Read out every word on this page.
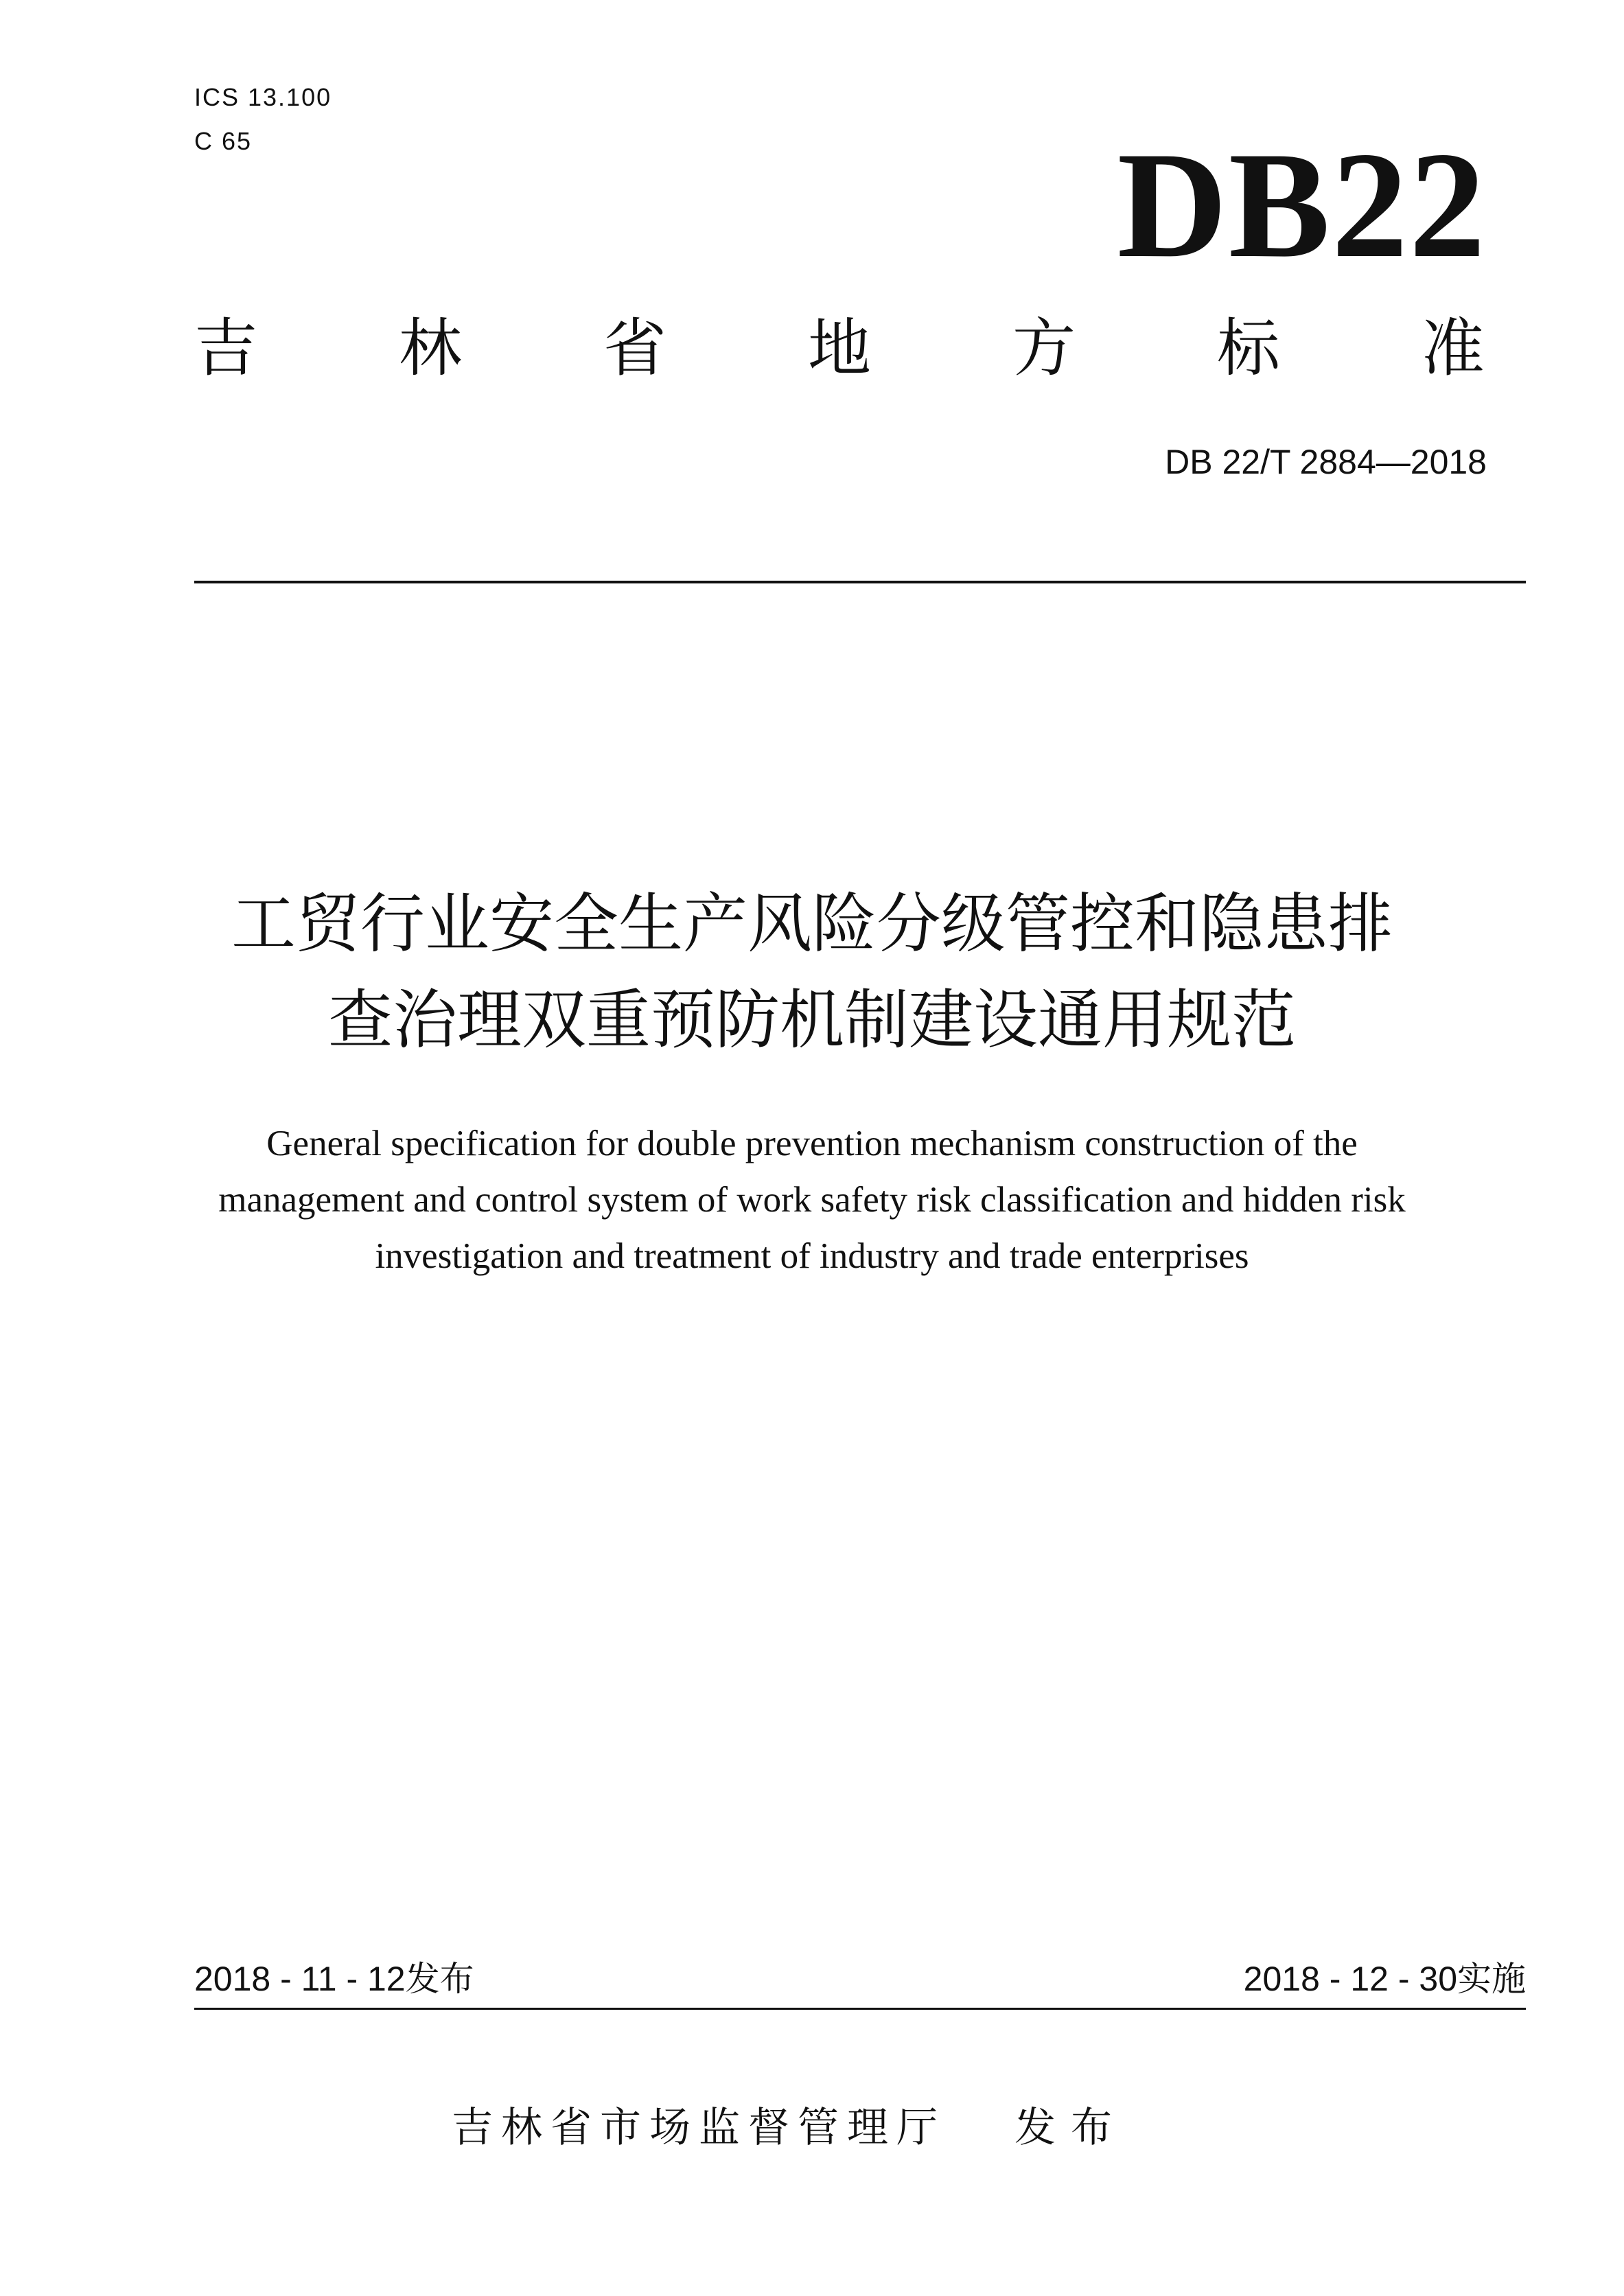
ICS 13.100
C 65	DB22
吉 林 省 地 方 标 准
DB 22/T 2884—2018
工贸行业安全生产风险分级管控和隐患排
查治理双重预防机制建设通用规范
General specification for double prevention mechanism construction of the
management and control system of work safety risk classification and hidden risk
investigation and treatment of industry and trade enterprises
2018 - 11 - 12发布	2018 - 12 - 30实施
吉林省市场监督管理厅 发布
